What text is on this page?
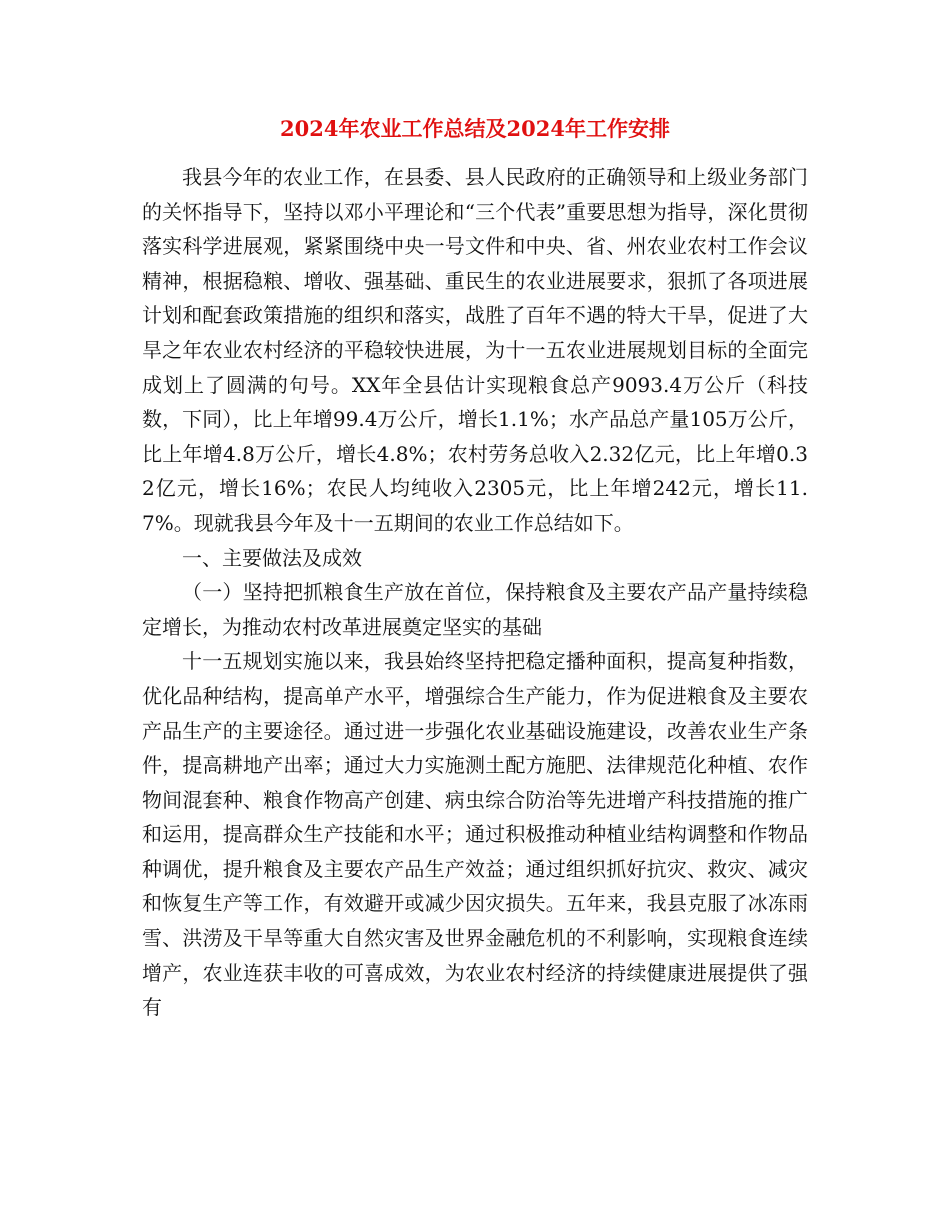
2024年农业工作总结及2024年工作安排

我县今年的农业工作，在县委、县人民政府的正确领导和上级业务部门的关怀指导下，坚持以邓小平理论和“三个代表”重要思想为指导，深化贯彻落实科学进展观，紧紧围绕中央一号文件和中央、省、州农业农村工作会议精神，根据稳粮、增收、强基础、重民生的农业进展要求，狠抓了各项进展计划和配套政策措施的组织和落实，战胜了百年不遇的特大干旱，促进了大旱之年农业农村经济的平稳较快进展，为十一五农业进展规划目标的全面完成划上了圆满的句号。XX年全县估计实现粮食总产9093.4万公斤（科技数，下同），比上年增99.4万公斤，增长1.1%；水产品总产量105万公斤，比上年增4.8万公斤，增长4.8%；农村劳务总收入2.32亿元，比上年增0.32亿元，增长16%；农民人均纯收入2305元，比上年增242元，增长11.7%。现就我县今年及十一五期间的农业工作总结如下。

一、主要做法及成效

（一）坚持把抓粮食生产放在首位，保持粮食及主要农产品产量持续稳定增长，为推动农村改革进展奠定坚实的基础

十一五规划实施以来，我县始终坚持把稳定播种面积，提高复种指数，优化品种结构，提高单产水平，增强综合生产能力，作为促进粮食及主要农产品生产的主要途径。通过进一步强化农业基础设施建设，改善农业生产条件，提高耕地产出率；通过大力实施测土配方施肥、法律规范化种植、农作物间混套种、粮食作物高产创建、病虫综合防治等先进增产科技措施的推广和运用，提高群众生产技能和水平；通过积极推动种植业结构调整和作物品种调优，提升粮食及主要农产品生产效益；通过组织抓好抗灾、救灾、减灾和恢复生产等工作，有效避开或减少因灾损失。五年来，我县克服了冰冻雨雪、洪涝及干旱等重大自然灾害及世界金融危机的不利影响，实现粮食连续增产，农业连获丰收的可喜成效，为农业农村经济的持续健康进展提供了强有
